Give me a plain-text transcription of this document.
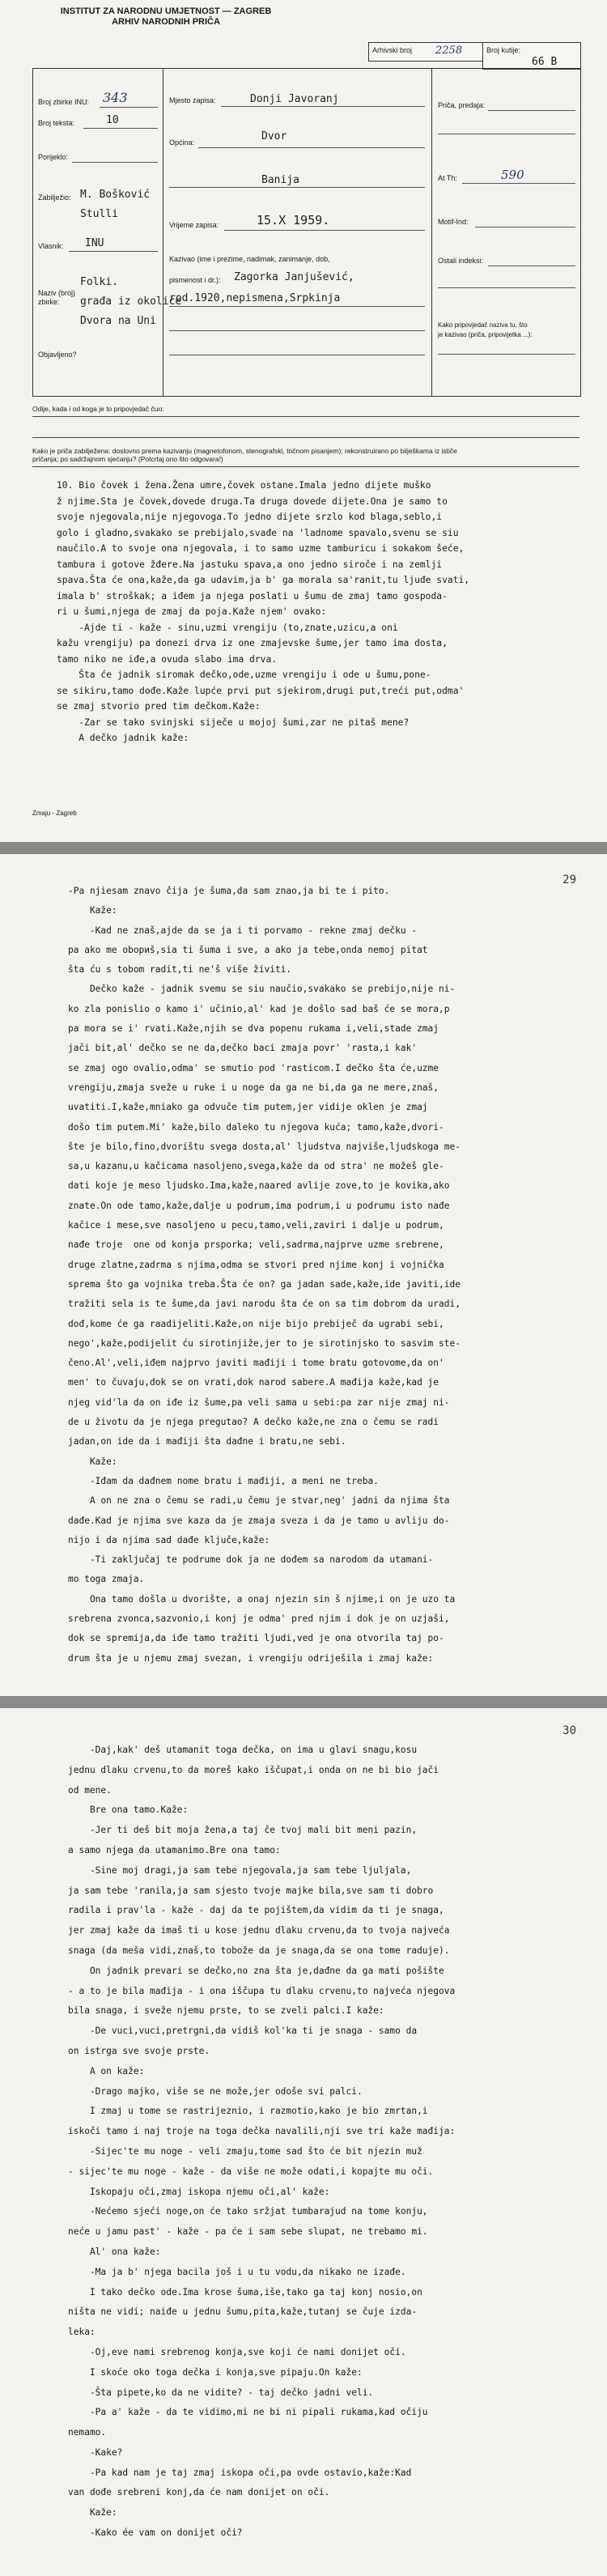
INSTITUT ZA NARODNU UMJETNOST — ZAGREB
ARHIV NARODNIH PRIČA
Arhivski broj 2258	Broj kutije:
66 B
Broj zbirke INU: 343
Broj teksta:	10
Porijeklo:
Zabilježio: M. Bošković
Stulli
Vlasnik: INU
Naziv (broj) zbirke:
Folki.
građa iz okolice
Dvora na Uni
Objavljeno?
Mjesto zapisa:	Donji Javoranj
Općina:	Dvor
Banija
Vrijeme zapisa:	15.X 1959.
Kazivao (ime i prezime, nadimak, zanimanje, dob,
pismenost i dr.): Zagorka Janjušević,
rod.1920,nepismena,Srpkinja
Priča, predaja:
At Th:	590
Motif-Ind:
Ostali indeksi:
Kako pripovjedač naziva tu, što
je kazivao (priča, pripovijetka ...):
Odije, kada i od koga je to pripovjedač čuo:
Kako je priča zabilježena: doslovno prema kazivanju (magnetofonom, stenografski, točnom pisanjem); rekonstruirano po bilješkama iz ističe
pričanja; po sadržajnom sjećanju? (Potcrtaj ono što odgovara!)
10. Bio čovek i žena.Žena umre,čovek ostane.Imala jedno dijete muško
ž njime.Sta je čovek,dovede druga.Ta druga dovede dijete.Ona je samo to
svoje njegovala,nije njegovoga.To jedno dijete srzlo kod blaga,seblo,i
golo i gladno,svakako se prebijalo,svađe na 'ladnome spavalo,svenu se siu
naučilo.A to svoje ona njegovala, i to samo uzme tamburicu i sokakom šeće,
tambura i gotove žđere.Na jastuku spava,a ono jedno siroče i na zemlji
spava.Šta će ona,kaže,da ga udavim,ja b' ga morala sa'ranit,tu ljuđe svati,
imala b' stroškak; a iđem ja njega poslati u šumu de zmaj tamo gospoda-
ri u šumi,njega de zmaj da poja.Kaže njem' ovako:
-Ajde ti - kaže - sinu,uzmi vrengiju (to,znate,uzicu,a oni
kažu vrengiju) pa donezi drva iz one zmajevske šume,jer tamo ima dosta,
tamo niko ne iđe,a ovuda slabo ima drva.
Šta će jadnik siromak dečko,ode,uzme vrengiju i ode u šumu,pone-
se sikiru,tamo dođe.Kaže lupće prvi put sjekirom,drugi put,treći put,odma'
se zmaj stvorio pred tim dečkom.Kaže:
-Zar se tako svinjski siječe u mojoj šumi,zar ne pitaš mene?
A dečko jadnik kaže:
Zmaju - Zagreb
29
-Pa njiesam znavo čija je šuma,da sam znao,ja bi te i pito.
Kaže:
-Kad ne znaš,ajde da se ja i ti porvamo - rekne zmaj dečku -
pa ako me obориš,sia ti šuma i sve, a ako ja tebe,onda nemoj pitat
šta ću s tobom radit,ti ne'š više živiti.
Dečko kaže - jadnik svemu se siu naučio,svakako se prebijo,nije ni-
ko zla ponislio o kamo i' učinio,al' kad je došlo sad baš će se mora,p
pa morа se i' rvati.Kaže,njih se dva popenu rukama i,veli,stade zmaj
jači bit,al' dečko se ne da,dečko baci zmaja povr' 'rasta,i kak'
se zmaj ogo ovalio,odma' se smutio pod 'rasticom.I dečko šta će,uzme
vrengiju,zmaja sveže u ruke i u noge da ga ne bi,da ga ne mere,znaš,
uvatiti.I,kaže,mniako ga odvuče tim putem,jer vidije oklen je zmaj
došo tim putem.Mi' kaže,bilo daleko tu njegova kuća; tamo,kaže,dvori-
šte je bilo,fino,dvorištu svega dosta,al' ljudstva najviše,ljudskoga me-
sa,u kazanu,u kačicama nasoljeno,svega,kaže da od stra' ne možeš gle-
dati koje je meso ljudsko.Ima,kaže,naared avlije zove,to je kovika,ako
znate.On ode tamo,kaže,dalje u podrum,ima podrum,i u podrumu isto nađe
kačice i mese,sve nasoljeno u pecu,tamo,veli,zaviri i dalje u podrum,
nađe troje  one od konja prsporka; veli,sadrma,najprve uzme srebrene,
druge zlatne,zadrma s njima,odma se stvori pred njime konj i vojnička
spremа što ga vojnika treba.Šta će on? ga jadan sade,kaže,ide javiti,ide
tražiti sela is te šume,da javi narodu šta će on sa tim dobrom da uradi,
dođ,kome će ga raadijeliti.Kaže,on nije bijo prebiječ da ugrabi sebi,
nego',kaže,podijelit ću sirotinjiže,jer to je sirotinjsko to sasvim ste-
čeno.Al',veli,iđem najprvo javiti mađiji i tome bratu gotovome,da on'
men' to čuvaju,dok se on vrati,dok narod sabere.A mađija kaže,kad je
njeg vid'la da on iđe iz šume,pa veli sama u sebi:pa zar nije zmaj ni-
de u životu da je njega pregutao? A dečko kaže,ne zna o čemu se radi
jadan,on ide da i mađiji šta dađne i bratu,ne sebi.
Kaže:
-Iđam da dađnem nome bratu i mađiji, a meni ne treba.
A on ne zna o čemu se radi,u čemu je stvar,neg' jadni da njima šta
dađe.Kad je njima sve kaza da je zmaja sveza i da je tamo u avliju do-
nijo i da njima sad dađe ključe,kaže:
-Ti zaključaj te podrume dok ja ne dođem sa narodom da utamani-
mo toga zmaja.
Ona tamo došla u dvorište, a onaj njezin sin š njime,i on je uzo ta
srebrena zvonca,sazvonio,i konj je odma' pred njim i dok je on uzjaši,
dok se spremija,da iđe tamo tražiti ljudi,ved je ona otvorila taj po-
drum šta je u njemu zmaj svezan, i vrengiju odriješila i zmaj kaže:
30
-Daj,kak' deš utamanit toga dečka, on ima u glavi snagu,kosu
jednu dlaku crvenu,to da moreš kako iščupat,i onda on ne bi bio jači
od mene.
Bre ona tamo.Kaže:
-Jer ti deš bit moja žena,a taj če tvoj mali bit meni pazin,
a samo njega da utamanimo.Bre ona tamo:
-Sine moj dragi,ja sam tebe njegovala,ja sam tebe ljuljala,
ja sam tebe 'ranila,ja sam sjesto tvoje majke bila,sve sam ti dobro
radila i prav'la - kaže - daj da te pojištem,da vidim da ti je snaga,
jer zmaj kaže da imaš ti u kose jednu dlaku crvenu,da to tvoja najveća
snaga (da meša vidi,znaš,to tobože da je snaga,da se ona tome raduje).
On jadnik prevari se dečko,no zna šta je,dađne da ga mati pošište
- a to je bila mađija - i ona iščupa tu dlaku crvenu,to najveća njegova
bila snaga, i sveže njemu prste, to se zveli palci.I kaže:
-De vuci,vuci,pretrgni,da vidiš kol'ka ti je snaga - samo da
on istrga sve svoje prste.
A on kaže:
-Drago majko, više se ne može,jer odoše svi palci.
I zmaj u tome se rastrijeznio, i razmotio,kako je bio zmrtan,i
iskoči tamo i naj troje na toga dečka navalili,nji sve tri kaže mađija:
-Sijec'te mu noge - veli zmaju,tome sad što će bit njezin muž
- sijec'te mu noge - kaže - da više ne može odati,i kopajte mu oči.
Iskopaju oči,zmaj iskopa njemu oči,al' kaže:
-Nećemo sjeći noge,on će tako sržjat tumbarajud na tome konju,
neće u jamu past' - kaže - pa će i sam sebe slupat, ne trebamo mi.
Al' ona kaže:
-Ma ja b' njega bacila još i u tu vodu,da nikako ne izađe.
I tako dečko ode.Ima krose šuma,iše,tako ga taj konj nosio,on
ništa ne vidi; naiđe u jednu šumu,pita,kaže,tutanj se čuje izda-
leka:
-Oj,eve nami srebrenog konja,sve koji će nami donijet oči.
I skoće oko toga dečka i konja,sve pipaju.On kaže:
-Šta pipete,ko da ne vidite? - taj dečko jadni veli.
-Pa a' kaže - da te vidimo,mi ne bi ni pipali rukama,kad očiju
nemamo.
-Kake?
-Pa kad nam je taj zmaj iskopa oči,pa ovde ostavio,kaže:Kad
van dođe srebreni konj,da će nam donijet on oči.
Kaže:
-Kako ée vam on donijet oči?
